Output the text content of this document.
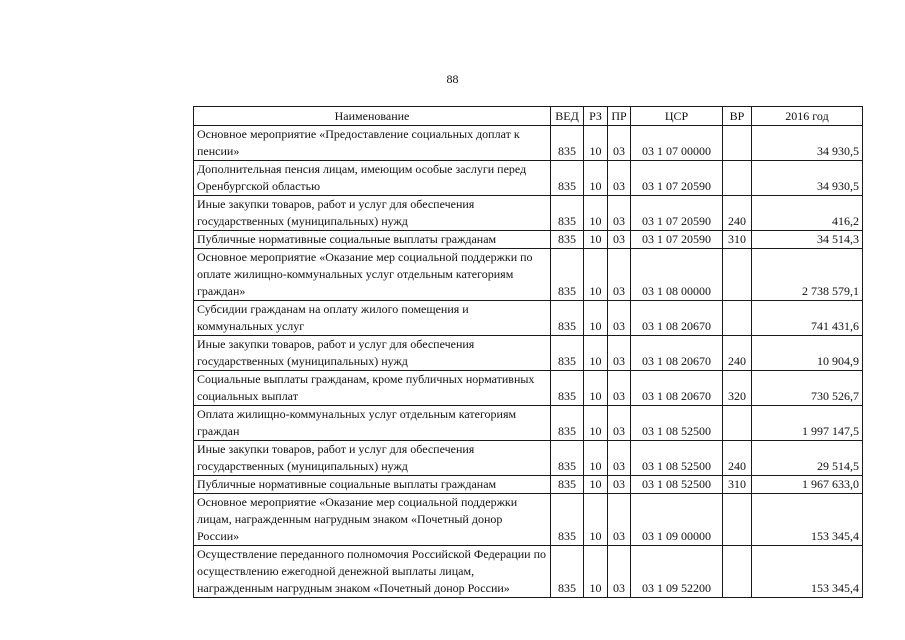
88
Наименование	ВЕД	РЗ	ПР	ЦСР	ВР	2016 год
Основное мероприятие «Предоставление социальных доплат к пенсии»	835	10	03	03 1 07 00000		34 930,5
Дополнительная пенсия лицам, имеющим особые заслуги перед Оренбургской областью	835	10	03	03 1 07 20590		34 930,5
Иные закупки товаров, работ и услуг для обеспечения государственных (муниципальных) нужд	835	10	03	03 1 07 20590	240	416,2
Публичные нормативные социальные выплаты гражданам	835	10	03	03 1 07 20590	310	34 514,3
Основное мероприятие «Оказание мер социальной поддержки по оплате жилищно-коммунальных услуг отдельным категориям граждан»	835	10	03	03 1 08 00000		2 738 579,1
Субсидии гражданам на оплату жилого помещения и коммунальных услуг	835	10	03	03 1 08 20670		741 431,6
Иные закупки товаров, работ и услуг для обеспечения государственных (муниципальных) нужд	835	10	03	03 1 08 20670	240	10 904,9
Социальные выплаты гражданам, кроме публичных нормативных социальных выплат	835	10	03	03 1 08 20670	320	730 526,7
Оплата жилищно-коммунальных услуг отдельным категориям граждан	835	10	03	03 1 08 52500		1 997 147,5
Иные закупки товаров, работ и услуг для обеспечения государственных (муниципальных) нужд	835	10	03	03 1 08 52500	240	29 514,5
Публичные нормативные социальные выплаты гражданам	835	10	03	03 1 08 52500	310	1 967 633,0
Основное мероприятие «Оказание мер социальной поддержки лицам, награжденным нагрудным знаком «Почетный донор России»	835	10	03	03 1 09 00000		153 345,4
Осуществление переданного полномочия Российской Федерации по осуществлению ежегодной денежной выплаты лицам, награжденным нагрудным знаком «Почетный донор России»	835	10	03	03 1 09 52200		153 345,4
